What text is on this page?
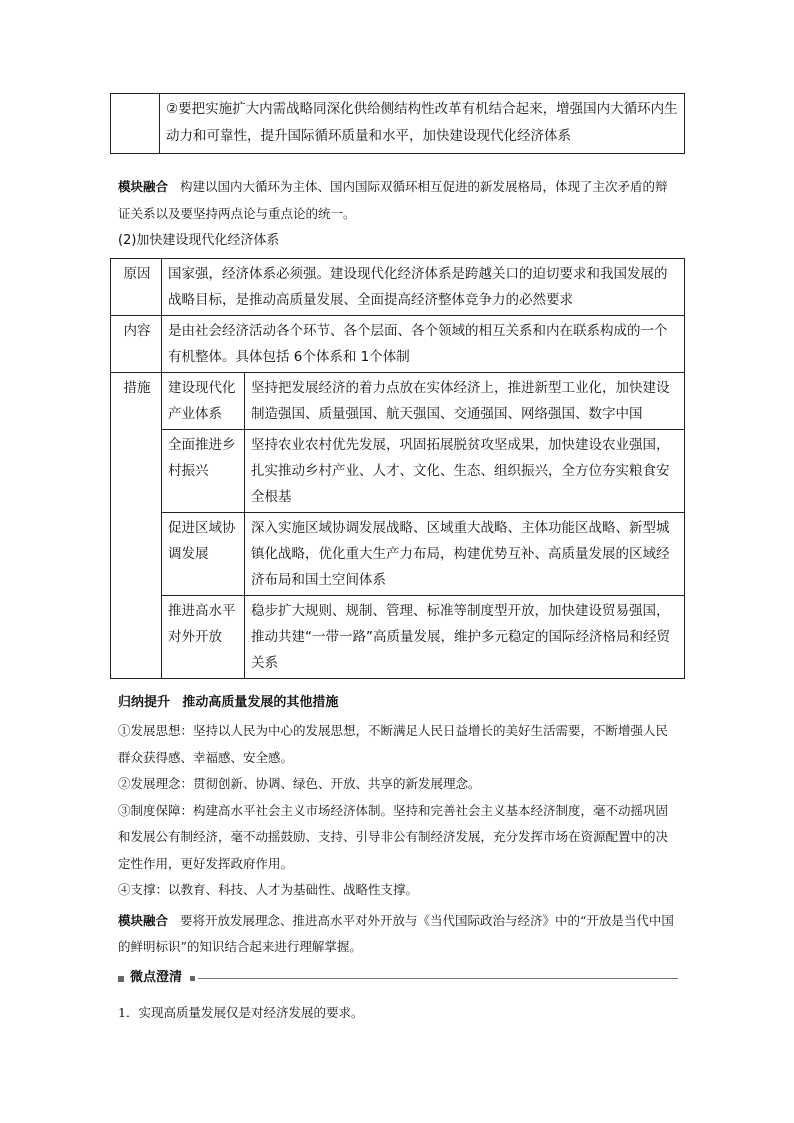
	②要把实施扩大内需战略同深化供给侧结构性改革有机结合起来，增强国内大循环内生动力和可靠性，提升国际循环质量和水平，加快建设现代化经济体系
模块融合 构建以国内大循环为主体、国内国际双循环相互促进的新发展格局，体现了主次矛盾的辩证关系以及要坚持两点论与重点论的统一。
(2)加快建设现代化经济体系
原因	国家强，经济体系必须强。建设现代化经济体系是跨越关口的迫切要求和我国发展的战略目标，是推动高质量发展、全面提高经济整体竞争力的必然要求	
内容	是由社会经济活动各个环节、各个层面、各个领域的相互关系和内在联系构成的一个有机整体。具体包括 6个体系和 1个体制	
措施	建设现代化产业体系	坚持把发展经济的着力点放在实体经济上，推进新型工业化，加快建设制造强国、质量强国、航天强国、交通强国、网络强国、数字中国
	全面推进乡村振兴	坚持农业农村优先发展，巩固拓展脱贫攻坚成果，加快建设农业强国，扎实推动乡村产业、人才、文化、生态、组织振兴，全方位夯实粮食安全根基
	促进区域协调发展	深入实施区域协调发展战略、区域重大战略、主体功能区战略、新型城镇化战略，优化重大生产力布局，构建优势互补、高质量发展的区域经济布局和国土空间体系
	推进高水平对外开放	稳步扩大规则、规制、管理、标准等制度型开放，加快建设贸易强国，推动共建“一带一路”高质量发展，维护多元稳定的国际经济格局和经贸关系
归纳提升 推动高质量发展的其他措施
①发展思想：坚持以人民为中心的发展思想，不断满足人民日益增长的美好生活需要，不断增强人民群众获得感、幸福感、安全感。
②发展理念：贯彻创新、协调、绿色、开放、共享的新发展理念。
③制度保障：构建高水平社会主义市场经济体制。坚持和完善社会主义基本经济制度，毫不动摇巩固和发展公有制经济，毫不动摇鼓励、支持、引导非公有制经济发展，充分发挥市场在资源配置中的决定性作用，更好发挥政府作用。
④支撑：以教育、科技、人才为基础性、战略性支撑。
模块融合 要将开放发展理念、推进高水平对外开放与《当代国际政治与经济》中的“开放是当代中国的鲜明标识”的知识结合起来进行理解掌握。
微点澄清
1．实现高质量发展仅是对经济发展的要求。
